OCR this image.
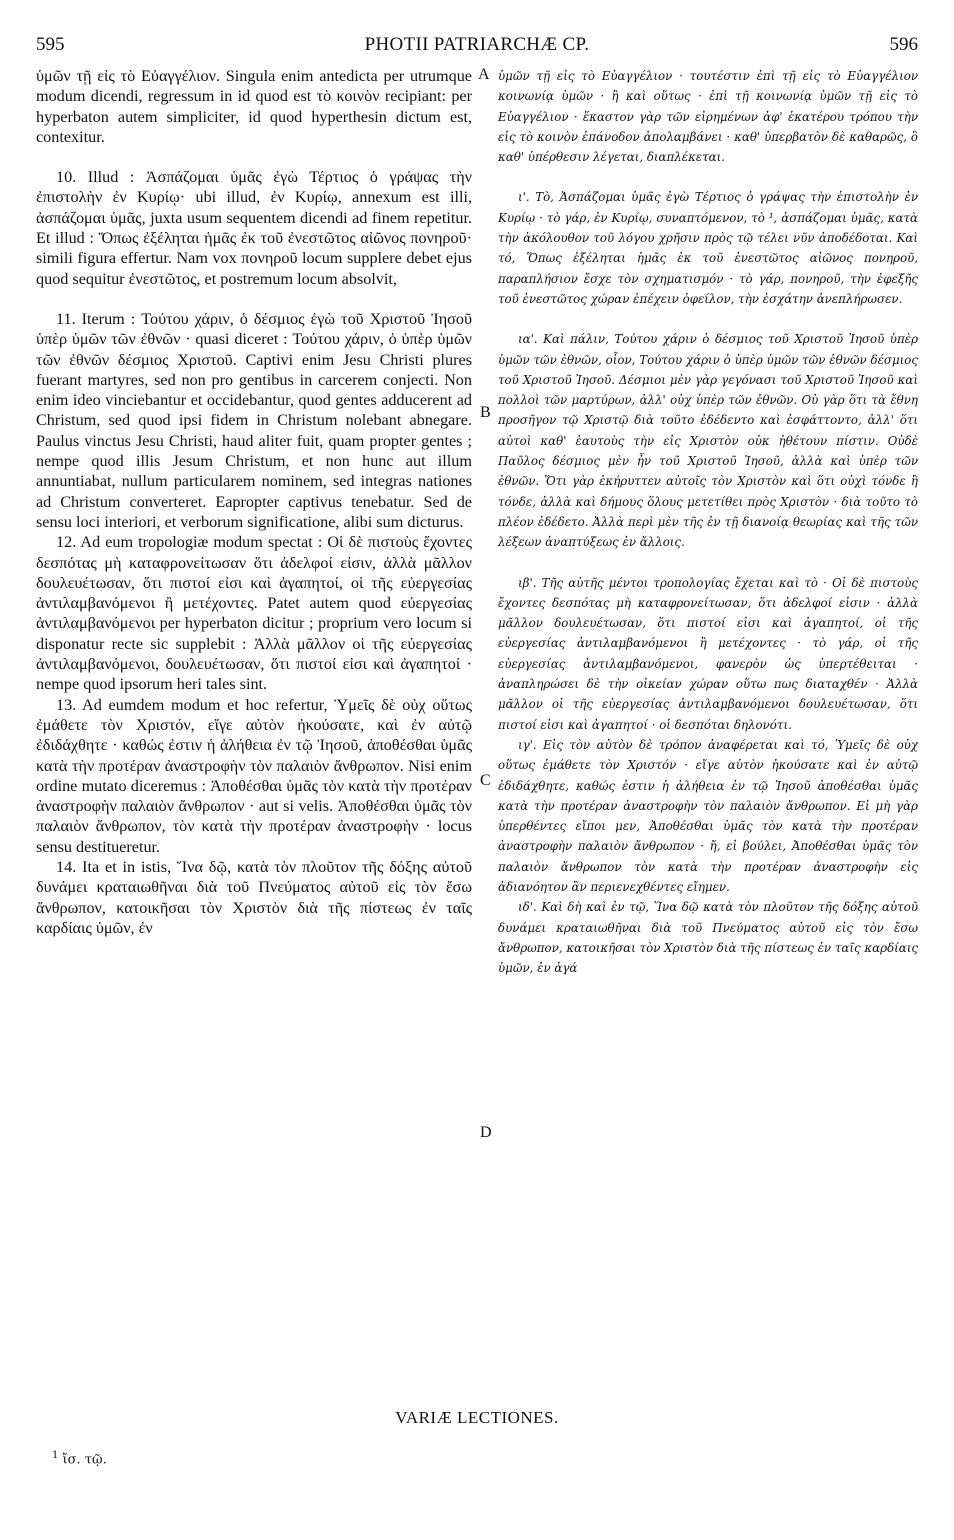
595	PHOTII PATRIARCHÆ CP.	596

ὑμῶν τῇ εἰς τὸ Εὐαγγέλιον. Singula enim antedicta per utrumque modum dicendi, regressum in id quod est τὸ κοινὸν recipiant: per hyperbaton autem simpliciter, id quod hyperthesin dictum est, contexitur.

10. Illud : Ἀσπάζομαι ὑμᾶς ἐγὼ Τέρτιος ὁ γράψας τὴν ἐπιστολὴν ἐν Κυρίῳ· ubi illud, ἐν Κυρίῳ, annexum est illi, ἀσπάζομαι ὑμᾶς, juxta usum sequentem dicendi ad finem repetitur. Et illud : Ὅπως ἐξέληται ἡμᾶς ἐκ τοῦ ἐνεστῶτος αἰῶνος πονηροῦ· simili figura effertur. Nam vox πονηροῦ locum supplere debet ejus quod sequitur ἐνεστῶτος, et postremum locum absolvit,

11. Iterum : Τούτου χάριν, ὁ δέσμιος ἐγὼ τοῦ Χριστοῦ Ἰησοῦ ὑπὲρ ὑμῶν τῶν ἐθνῶν · quasi diceret : Τούτου χάριν, ὁ ὑπὲρ ὑμῶν τῶν ἐθνῶν δέσμιος Χριστοῦ. Captivi enim Jesu Christi plures fuerant martyres, sed non pro gentibus in carcerem conjecti. Non enim ideo vinciebantur et occidebantur, quod gentes adducerent ad Christum, sed quod ipsi fidem in Christum nolebant abnegare. Paulus vinctus Jesu Christi, haud aliter fuit, quam propter gentes ; nempe quod illis Jesum Christum, et non hunc aut illum annuntiabat, nullum particularem nominem, sed integras nationes ad Christum converteret. Eapropter captivus tenebatur. Sed de sensu loci interiori, et verborum significatione, alibi sum dicturus.

12. Ad eum tropologiæ modum spectat : Οἱ δὲ πιστοὺς ἔχοντες δεσπότας μὴ καταφρονείτωσαν ὅτι ἀδελφοί εἰσιν, ἀλλὰ μᾶλλον δουλευέτωσαν, ὅτι πιστοί εἰσι καὶ ἀγαπητοί, οἱ τῆς εὐεργεσίας ἀντιλαμβανόμενοι ἢ μετέχοντες. Patet autem quod εὐεργεσίας ἀντιλαμβανόμενοι per hyperbaton dicitur ; proprium vero locum si disponatur recte sic supplebit : Ἀλλὰ μᾶλλον οἱ τῆς εὐεργεσίας ἀντιλαμβανόμενοι, δουλευέτωσαν, ὅτι πιστοί εἰσι καὶ ἀγαπητοί · nempe quod ipsorum heri tales sint.

13. Ad eumdem modum et hoc refertur, Ὑμεῖς δὲ οὐχ οὕτως ἐμάθετε τὸν Χριστόν, εἴγε αὐτὸν ἠκούσατε, καὶ ἐν αὐτῷ ἐδιδάχθητε · καθώς ἐστιν ἡ ἀλήθεια ἐν τῷ Ἰησοῦ, ἀποθέσθαι ὑμᾶς κατὰ τὴν προτέραν ἀναστροφὴν τὸν παλαιὸν ἄνθρωπον. Nisi enim ordine mutato diceremus : Ἀποθέσθαι ὑμᾶς τὸν κατὰ τὴν προτέραν ἀναστροφὴν παλαιὸν ἄνθρωπον · aut si velis. Ἀποθέσθαι ὑμᾶς τὸν παλαιὸν ἄνθρωπον, τὸν κατὰ τὴν προτέραν ἀναστροφὴν · locus sensu destitueretur.

14. Ita et in istis, Ἵνα δῷ, κατὰ τὸν πλοῦτον τῆς δόξης αὐτοῦ δυνάμει κραταιωθῆναι διὰ τοῦ Πνεύματος αὐτοῦ εἰς τὸν ἔσω ἄνθρωπον, κατοικῆσαι τὸν Χριστὸν διὰ τῆς πίστεως ἐν ταῖς καρδίαις ὑμῶν, ἐν

ὑμῶν τῇ εἰς τὸ Εὐαγγέλιον · τουτέστιν ἐπὶ τῇ εἰς τὸ Εὐαγγέλιον κοινωνίᾳ ὑμῶν · ἢ καὶ οὕτως · ἐπὶ τῇ κοινωνίᾳ ὑμῶν τῇ εἰς τὸ Εὐαγγέλιον · ἕκαστον γὰρ τῶν εἰρημένων ἀφ' ἑκατέρου τρόπου τὴν εἰς τὸ κοινὸν ἐπάνοδον ἀπολαμβάνει · καθ' ὑπερβατὸν δὲ καθαρῶς, ὃ καθ' ὑπέρθεσιν λέγεται, διαπλέκεται.

ι'. Τὸ, Ἀσπάζομαι ὑμᾶς ἐγὼ Τέρτιος ὁ γράψας τὴν ἐπιστολὴν ἐν Κυρίῳ · τὸ γάρ, ἐν Κυρίῳ, συναπτόμενον, τὸ ¹, ἀσπάζομαι ὑμᾶς, κατὰ τὴν ἀκόλουθον τοῦ λόγου χρῆσιν πρὸς τῷ τέλει νῦν ἀποδέδοται. Καὶ τό, Ὅπως ἐξέληται ἡμᾶς ἐκ τοῦ ἐνεστῶτος αἰῶνος πονηροῦ, παραπλήσιον ἔσχε τὸν σχηματισμόν · τὸ γάρ, πονηροῦ, τὴν ἐφεξῆς τοῦ ἐνεστῶτος χώραν ἐπέχειν ὀφείλον, τὴν ἐσχάτην ἀνεπλήρωσεν.

ια'. Καὶ πάλιν, Τούτου χάριν ὁ δέσμιος τοῦ Χριστοῦ Ἰησοῦ ὑπὲρ ὑμῶν τῶν ἐθνῶν, οἷον, Τούτου χάριν ὁ ὑπὲρ ὑμῶν τῶν ἐθνῶν δέσμιος τοῦ Χριστοῦ Ἰησοῦ. Δέσμιοι μὲν γὰρ γεγόνασι τοῦ Χριστοῦ Ἰησοῦ καὶ πολλοὶ τῶν μαρτύρων, ἀλλ' οὐχ ὑπὲρ τῶν ἐθνῶν. Οὐ γὰρ ὅτι τὰ ἔθνη προσῆγον τῷ Χριστῷ διὰ τοῦτο ἐδέδεντο καὶ ἐσφάττοντο, ἀλλ' ὅτι αὐτοὶ καθ' ἑαυτοὺς τὴν εἰς Χριστὸν οὐκ ἠθέτουν πίστιν. Οὐδὲ Παῦλος δέσμιος μὲν ἦν τοῦ Χριστοῦ Ἰησοῦ, ἀλλὰ καὶ ὑπὲρ τῶν ἐθνῶν. Ὅτι γὰρ ἐκήρυττεν αὐτοῖς τὸν Χριστὸν καὶ ὅτι οὐχὶ τόνδε ἢ τόνδε, ἀλλὰ καὶ δήμους ὅλους μετετίθει πρὸς Χριστὸν · διὰ τοῦτο τὸ πλέον ἐδέδετο. Ἀλλὰ περὶ μὲν τῆς ἐν τῇ διανοίᾳ θεωρίας καὶ τῆς τῶν λέξεων ἀναπτύξεως ἐν ἄλλοις.

ιβ'. Τῆς αὐτῆς μέντοι τροπολογίας ἔχεται καὶ τὸ · Οἱ δὲ πιστοὺς ἔχοντες δεσπότας μὴ καταφρονείτωσαν, ὅτι ἀδελφοί εἰσιν · ἀλλὰ μᾶλλον δουλευέτωσαν, ὅτι πιστοί εἰσι καὶ ἀγαπητοί, οἱ τῆς εὐεργεσίας ἀντιλαμβανόμενοι ἢ μετέχοντες · τὸ γάρ, οἱ τῆς εὐεργεσίας ἀντιλαμβανόμενοι, φανερὸν ὡς ὑπερτέθειται · ἀναπληρώσει δὲ τὴν οἰκείαν χώραν οὕτω πως διαταχθέν · Ἀλλὰ μᾶλλον οἱ τῆς εὐεργεσίας ἀντιλαμβανόμενοι δουλευέτωσαν, ὅτι πιστοί εἰσι καὶ ἀγαπητοί · οἱ δεσπόται δηλονότι.

ιγ'. Εἰς τὸν αὐτὸν δὲ τρόπον ἀναφέρεται καὶ τό, Ὑμεῖς δὲ οὐχ οὕτως ἐμάθετε τὸν Χριστόν · εἴγε αὐτὸν ἠκούσατε καὶ ἐν αὐτῷ ἐδιδάχθητε, καθώς ἐστιν ἡ ἀλήθεια ἐν τῷ Ἰησοῦ ἀποθέσθαι ὑμᾶς κατὰ τὴν προτέραν ἀναστροφὴν τὸν παλαιὸν ἄνθρωπον. Εἰ μὴ γὰρ ὑπερθέντες εἴποι μεν, Ἀποθέσθαι ὑμᾶς τὸν κατὰ τὴν προτέραν ἀναστροφὴν παλαιὸν ἄνθρωπον · ἤ, εἰ βούλει, Ἀποθέσθαι ὑμᾶς τὸν παλαιὸν ἄνθρωπον τὸν κατὰ τὴν προτέραν ἀναστροφὴν εἰς ἀδιανόητον ἂν περιενεχθέντες εἴημεν.

ιδ'. Καὶ δὴ καὶ ἐν τῷ, Ἵνα δῷ κατὰ τὸν πλοῦτον τῆς δόξης αὐτοῦ δυνάμει κραταιωθῆναι διὰ τοῦ Πνεύματος αὐτοῦ εἰς τὸν ἔσω ἄνθρωπον, κατοικῆσαι τὸν Χριστὸν διὰ τῆς πίστεως ἐν ταῖς καρδίαις ὑμῶν, ἐν ἀγά

A
B
C
D
VARIÆ LECTIONES.
$^1$ ἴσ. τῷ.
